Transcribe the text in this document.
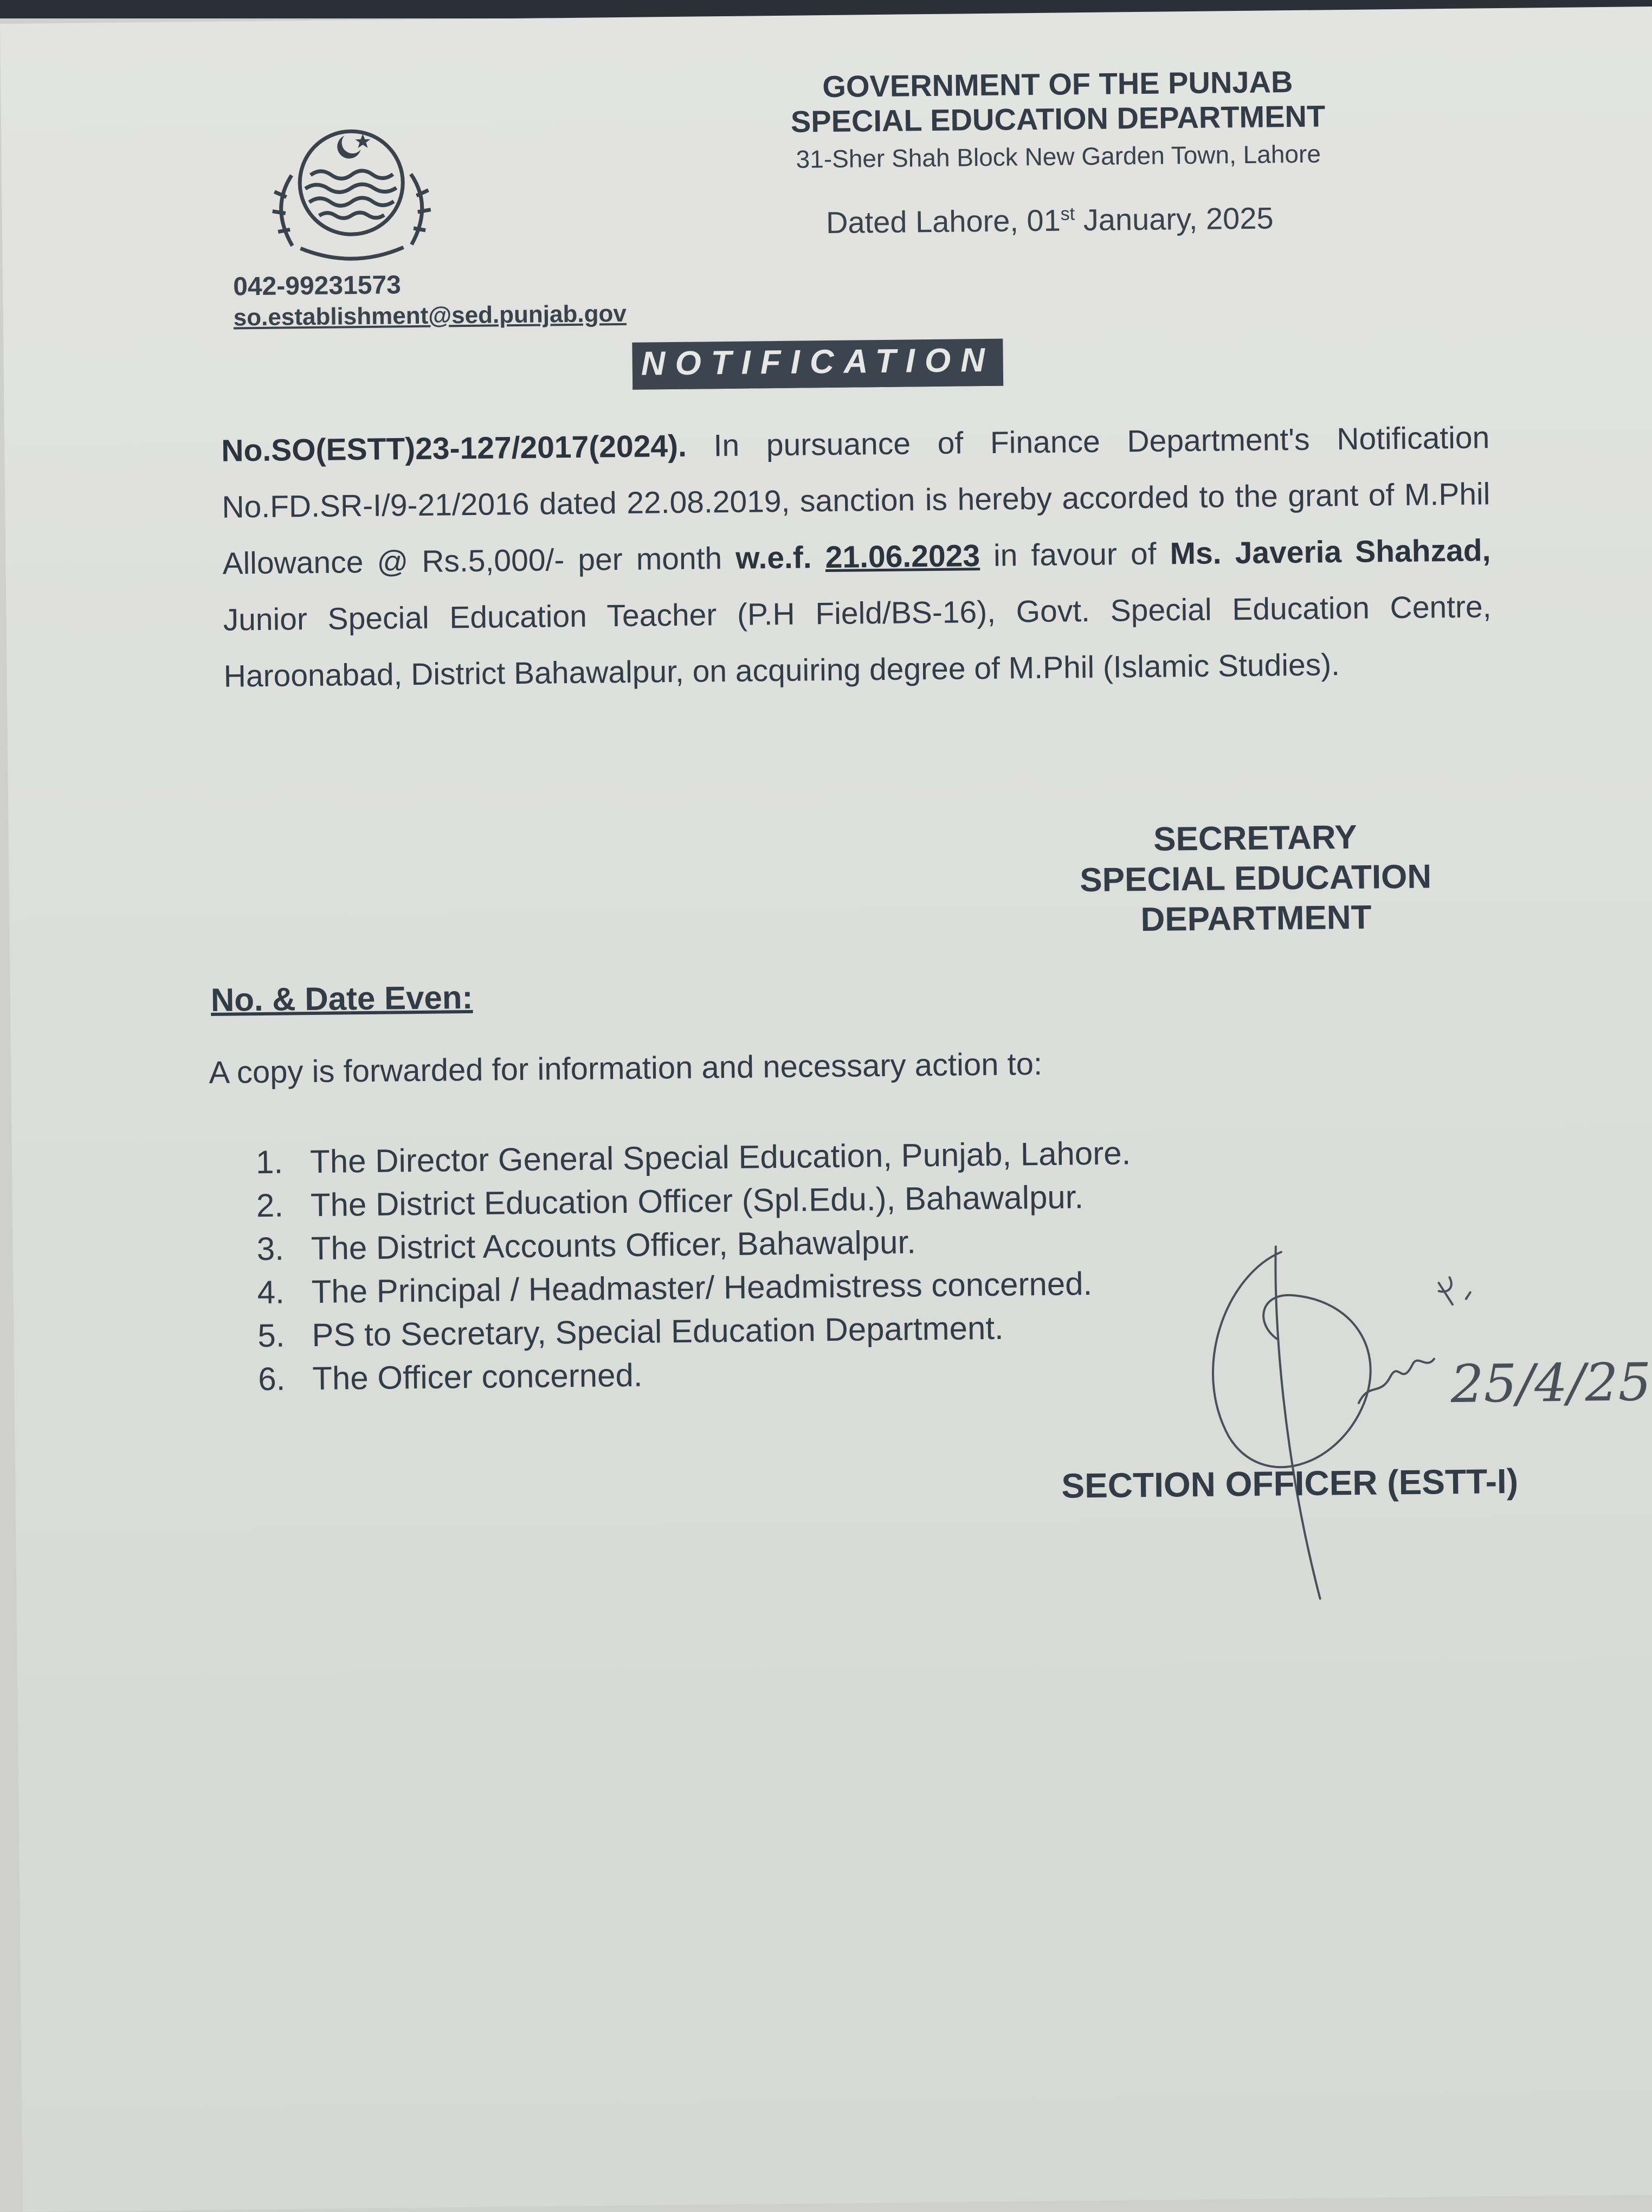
GOVERNMENT OF THE PUNJAB
SPECIAL EDUCATION DEPARTMENT
31-Sher Shah Block New Garden Town, Lahore
Dated Lahore, 01st January, 2025
042-99231573
so.establishment@sed.punjab.gov
NOTIFICATION
No.SO(ESTT)23-127/2017(2024). In pursuance of Finance Department's Notification No.FD.SR-I/9-21/2016 dated 22.08.2019, sanction is hereby accorded to the grant of M.Phil Allowance @ Rs.5,000/- per month w.e.f. 21.06.2023 in favour of Ms. Javeria Shahzad, Junior Special Education Teacher (P.H Field/BS-16), Govt. Special Education Centre, Haroonabad, District Bahawalpur, on acquiring degree of M.Phil (Islamic Studies).
SECRETARY
SPECIAL EDUCATION
DEPARTMENT
No. & Date Even:
A copy is forwarded for information and necessary action to:
1. The Director General Special Education, Punjab, Lahore.
2. The District Education Officer (Spl.Edu.), Bahawalpur.
3. The District Accounts Officer, Bahawalpur.
4. The Principal / Headmaster/ Headmistress concerned.
5. PS to Secretary, Special Education Department.
6. The Officer concerned.	25/4/25
SECTION OFFICER (ESTT-I)
